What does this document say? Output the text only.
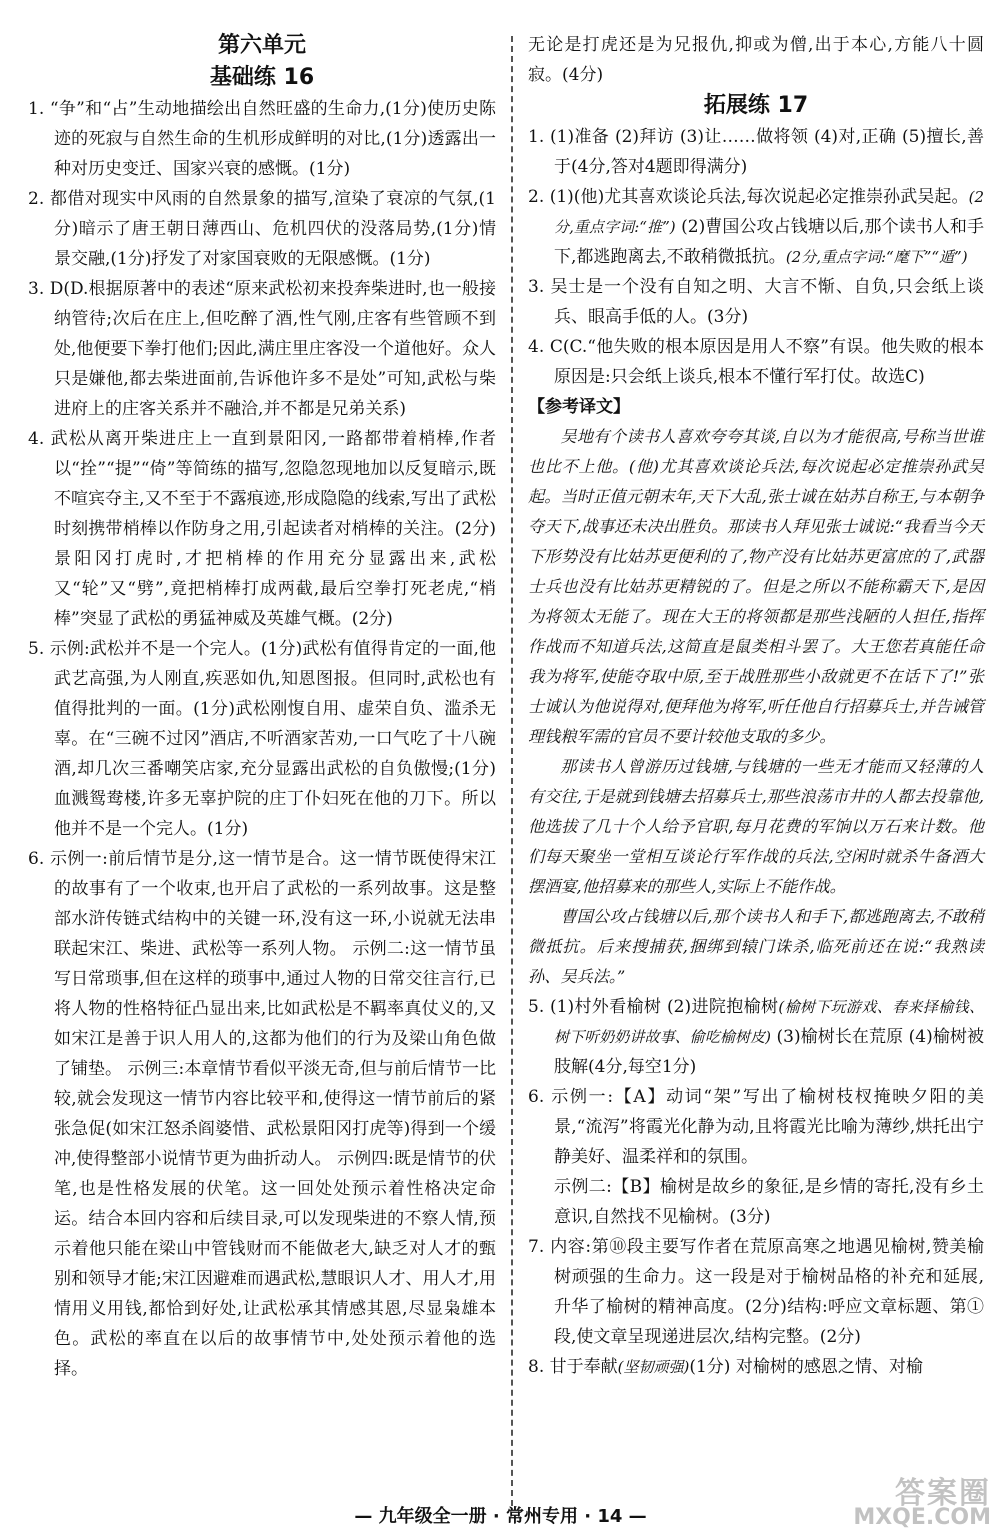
第六单元

基础练 16

1. “争”和“占”生动地描绘出自然旺盛的生命力,(1分)使历史陈迹的死寂与自然生命的生机形成鲜明的对比,(1分)透露出一种对历史变迁、国家兴衰的感慨。(1分)

2. 都借对现实中风雨的自然景象的描写,渲染了衰凉的气氛,(1分)暗示了唐王朝日薄西山、危机四伏的没落局势,(1分)情景交融,(1分)抒发了对家国衰败的无限感慨。(1分)

3. D(D.根据原著中的表述“原来武松初来投奔柴进时,也一般接纳管待;次后在庄上,但吃醉了酒,性气刚,庄客有些管顾不到处,他便要下拳打他们;因此,满庄里庄客没一个道他好。众人只是嫌他,都去柴进面前,告诉他许多不是处”可知,武松与柴进府上的庄客关系并不融洽,并不都是兄弟关系)

4. 武松从离开柴进庄上一直到景阳冈,一路都带着梢棒,作者以“拴”“提”“倚”等简练的描写,忽隐忽现地加以反复暗示,既不喧宾夺主,又不至于不露痕迹,形成隐隐的线索,写出了武松时刻携带梢棒以作防身之用,引起读者对梢棒的关注。(2分)景阳冈打虎时,才把梢棒的作用充分显露出来,武松又“轮”又“劈”,竟把梢棒打成两截,最后空拳打死老虎,“梢棒”突显了武松的勇猛神威及英雄气概。(2分)

5. 示例:武松并不是一个完人。(1分)武松有值得肯定的一面,他武艺高强,为人刚直,疾恶如仇,知恩图报。但同时,武松也有值得批判的一面。(1分)武松刚愎自用、虚荣自负、滥杀无辜。在“三碗不过冈”酒店,不听酒家苦劝,一口气吃了十八碗酒,却几次三番嘲笑店家,充分显露出武松的自负傲慢;(1分)血溅鸳鸯楼,许多无辜护院的庄丁仆妇死在他的刀下。所以他并不是一个完人。(1分)

6. 示例一:前后情节是分,这一情节是合。这一情节既使得宋江的故事有了一个收束,也开启了武松的一系列故事。这是整部水浒传链式结构中的关键一环,没有这一环,小说就无法串联起宋江、柴进、武松等一系列人物。 示例二:这一情节虽写日常琐事,但在这样的琐事中,通过人物的日常交往言行,已将人物的性格特征凸显出来,比如武松是不羁率真仗义的,又如宋江是善于识人用人的,这都为他们的行为及梁山角色做了铺垫。 示例三:本章情节看似平淡无奇,但与前后情节一比较,就会发现这一情节内容比较平和,使得这一情节前后的紧张急促(如宋江怒杀阎婆惜、武松景阳冈打虎等)得到一个缓冲,使得整部小说情节更为曲折动人。 示例四:既是情节的伏笔,也是性格发展的伏笔。这一回处处预示着性格决定命运。结合本回内容和后续目录,可以发现柴进的不察人情,预示着他只能在梁山中管钱财而不能做老大,缺乏对人才的甄别和领导才能;宋江因避难而遇武松,慧眼识人才、用人才,用情用义用钱,都恰到好处,让武松承其情感其恩,尽显枭雄本色。武松的率直在以后的故事情节中,处处预示着他的选择。

无论是打虎还是为兄报仇,抑或为僧,出于本心,方能八十圆寂。(4分)

拓展练 17

1. (1)准备 (2)拜访 (3)让……做将领 (4)对,正确 (5)擅长,善于(4分,答对4题即得满分)

2. (1)(他)尤其喜欢谈论兵法,每次说起必定推崇孙武吴起。(2分,重点字词:“推”) (2)曹国公攻占钱塘以后,那个读书人和手下,都逃跑离去,不敢稍微抵抗。(2分,重点字词:“麾下”“遁”)

3. 吴士是一个没有自知之明、大言不惭、自负,只会纸上谈兵、眼高手低的人。(3分)

4. C(C.“他失败的根本原因是用人不察”有误。他失败的根本原因是:只会纸上谈兵,根本不懂行军打仗。故选C)

【参考译文】

吴地有个读书人喜欢夸夸其谈,自以为才能很高,号称当世谁也比不上他。(他)尤其喜欢谈论兵法,每次说起必定推崇孙武吴起。当时正值元朝末年,天下大乱,张士诚在姑苏自称王,与本朝争夺天下,战事还未决出胜负。那读书人拜见张士诚说:“我看当今天下形势没有比姑苏更便利的了,物产没有比姑苏更富庶的了,武器士兵也没有比姑苏更精锐的了。但是之所以不能称霸天下,是因为将领太无能了。现在大王的将领都是那些浅陋的人担任,指挥作战而不知道兵法,这简直是鼠类相斗罢了。大王您若真能任命我为将军,使能夺取中原,至于战胜那些小敌就更不在话下了!”张士诚认为他说得对,便拜他为将军,听任他自行招募兵士,并告诫管理钱粮军需的官员不要计较他支取的多少。

那读书人曾游历过钱塘,与钱塘的一些无才能而又轻薄的人有交往,于是就到钱塘去招募兵士,那些浪荡市井的人都去投靠他,他选拔了几十个人给予官职,每月花费的军饷以万石来计数。他们每天聚坐一堂相互谈论行军作战的兵法,空闲时就杀牛备酒大摆酒宴,他招募来的那些人,实际上不能作战。

曹国公攻占钱塘以后,那个读书人和手下,都逃跑离去,不敢稍微抵抗。后来搜捕获,捆绑到辕门诛杀,临死前还在说:“我熟读孙、吴兵法。”

5. (1)村外看榆树 (2)进院抱榆树(榆树下玩游戏、春来择榆钱、树下听奶奶讲故事、偷吃榆树皮) (3)榆树长在荒原 (4)榆树被肢解(4分,每空1分)

6. 示例一:【A】动词“架”写出了榆树枝杈掩映夕阳的美景,“流泻”将霞光化静为动,且将霞光比喻为薄纱,烘托出宁静美好、温柔祥和的氛围。

示例二:【B】榆树是故乡的象征,是乡情的寄托,没有乡土意识,自然找不见榆树。(3分)

7. 内容:第⑩段主要写作者在荒原高寒之地遇见榆树,赞美榆树顽强的生命力。这一段是对于榆树品格的补充和延展,升华了榆树的精神高度。(2分)结构:呼应文章标题、第①段,使文章呈现递进层次,结构完整。(2分)

8. 甘于奉献(坚韧顽强)(1分) 对榆树的感恩之情、对榆

— 九年级全一册 · 常州专用 · 14 —
答案圈
MXQE.COM
